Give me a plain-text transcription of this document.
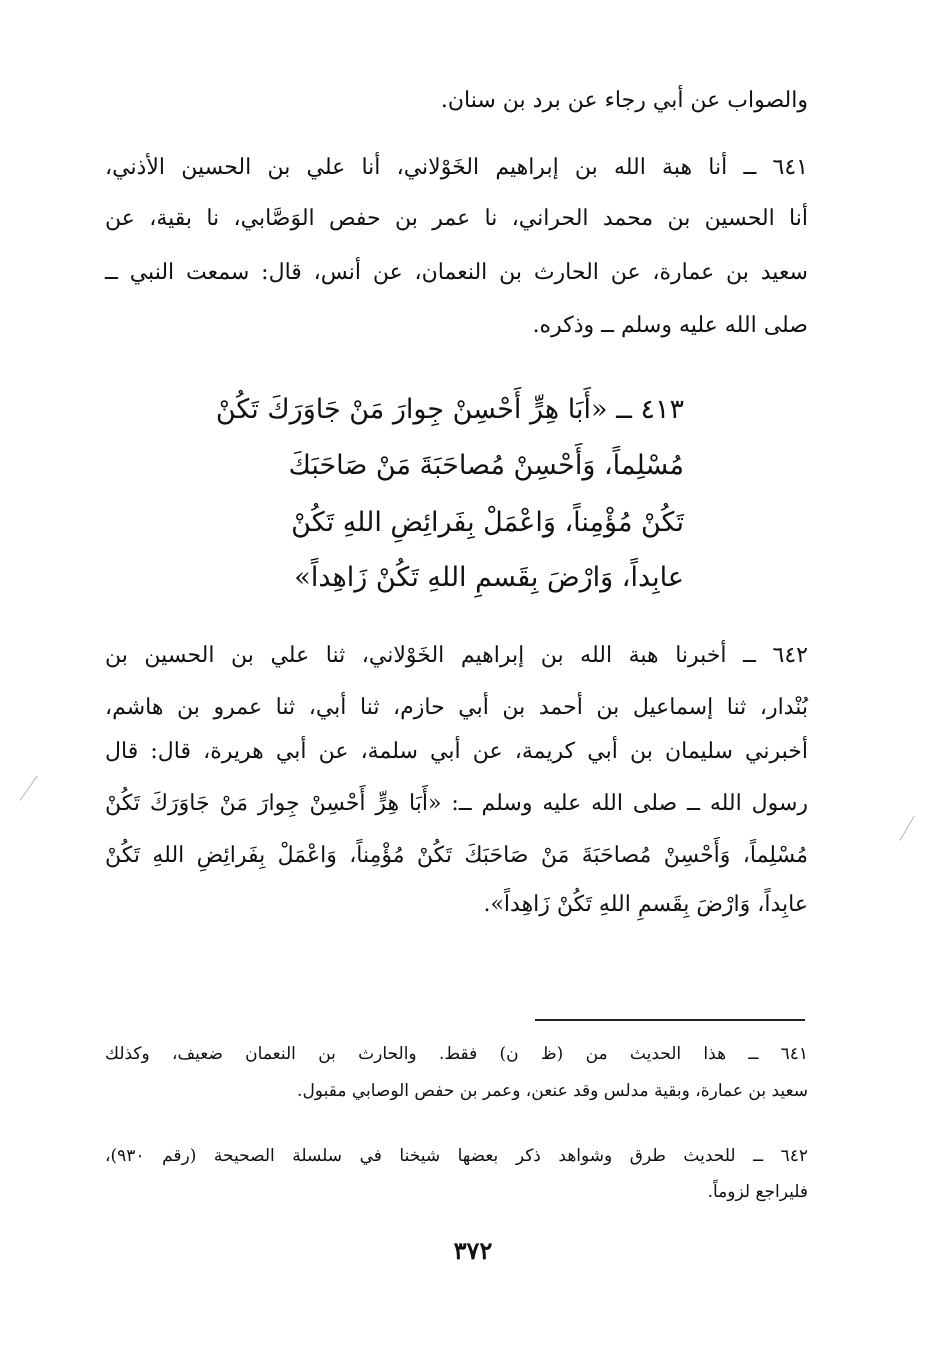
والصواب عن أبي رجاء عن برد بن سنان.
٦٤١ ــ أنا هبة الله بن إبراهيم الخَوْلاني، أنا علي بن الحسين الأذني،
أنا الحسين بن محمد الحراني، نا عمر بن حفص الوَصَّابي، نا بقية، عن
سعيد بن عمارة، عن الحارث بن النعمان، عن أنس، قال: سمعت النبي ــ
صلى الله عليه وسلم ــ وذكره.
٤١٣ ــ «أَبَا هِرٍّ أَحْسِنْ جِوارَ مَنْ جَاوَرَكَ تَكُنْ
مُسْلِماً، وَأَحْسِنْ مُصاحَبَةَ مَنْ صَاحَبَكَ
تَكُنْ مُؤْمِناً، وَاعْمَلْ بِفَرائِضِ اللهِ تَكُنْ
عابِداً، وَارْضَ بِقَسمِ اللهِ تَكُنْ زَاهِداً»
٦٤٢ ــ أخبرنا هبة الله بن إبراهيم الخَوْلاني، ثنا علي بن الحسين بن
بُنْدار، ثنا إسماعيل بن أحمد بن أبي حازم، ثنا أبي، ثنا عمرو بن هاشم،
أخبرني سليمان بن أبي كريمة، عن أبي سلمة، عن أبي هريرة، قال: قال
رسول الله ــ صلى الله عليه وسلم ــ: «أَبَا هِرٍّ أَحْسِنْ جِوارَ مَنْ جَاوَرَكَ تَكُنْ
مُسْلِماً، وَأَحْسِنْ مُصاحَبَةَ مَنْ صَاحَبَكَ تَكُنْ مُؤْمِناً، وَاعْمَلْ بِفَرائِضِ اللهِ تَكُنْ
عابِداً، وَارْضَ بِقَسمِ اللهِ تَكُنْ زَاهِداً».
٦٤١ ــ هذا الحديث من (ظ ن) فقط. والحارث بن النعمان ضعيف، وكذلك
سعيد بن عمارة، وبقية مدلس وقد عنعن، وعمر بن حفص الوصابي مقبول.
٦٤٢ ــ للحديث طرق وشواهد ذكر بعضها شيخنا في سلسلة الصحيحة (رقم ٩٣٠)،
فليراجع لزوماً.
٣٧٢
